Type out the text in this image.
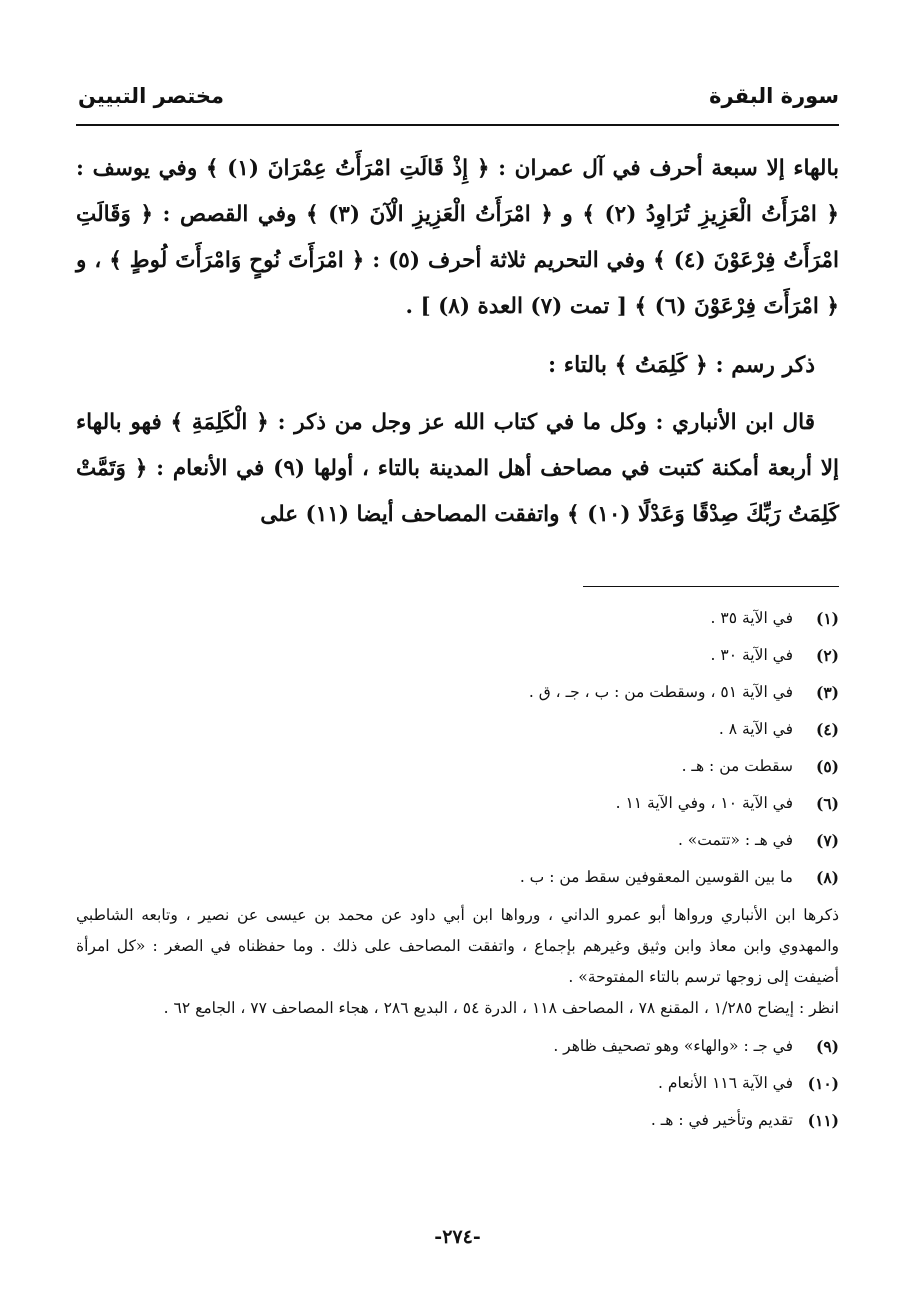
سورة البقرة
مختصر التبيين

بالهاء إلا سبعة أحرف في آل عمران : ﴿ إِذْ قَالَتِ امْرَأَتُ عِمْرَانَ (١) ﴾ وفي يوسف : ﴿ امْرَأَتُ الْعَزِيزِ تُرَاوِدُ (٢) ﴾ و ﴿ امْرَأَتُ الْعَزِيزِ الْآنَ (٣) ﴾ وفي القصص : ﴿ وَقَالَتِ امْرَأَتُ فِرْعَوْنَ (٤) ﴾ وفي التحريم ثلاثة أحرف (٥) : ﴿ امْرَأَتَ نُوحٍ وَامْرَأَتَ لُوطٍ ﴾ ، و ﴿ امْرَأَتَ فِرْعَوْنَ (٦) ﴾ [ تمت (٧) العدة (٨) ] .

ذكر رسم : ﴿ كَلِمَتُ ﴾ بالتاء :

قال ابن الأنباري : وكل ما في كتاب الله عز وجل من ذكر : ﴿ الْكَلِمَةِ ﴾ فهو بالهاء إلا أربعة أمكنة كتبت في مصاحف أهل المدينة بالتاء ، أولها (٩) في الأنعام : ﴿ وَتَمَّتْ كَلِمَتُ رَبِّكَ صِدْقًا وَعَدْلًا (١٠) ﴾ واتفقت المصاحف أيضا (١١) على

(١)
في الآية ٣٥ .
(٢)
في الآية ٣٠ .
(٣)
في الآية ٥١ ، وسقطت من : ب ، جـ ، ق .
(٤)
في الآية ٨ .
(٥)
سقطت من : هـ .
(٦)
في الآية ١٠ ، وفي الآية ١١ .
(٧)
في هـ : «تتمت» .
(٨)
ما بين القوسين المعقوفين سقط من : ب .

ذكرها ابن الأنباري ورواها أبو عمرو الداني ، ورواها ابن أبي داود عن محمد بن عيسى عن نصير ، وتابعه الشاطبي والمهدوي وابن معاذ وابن وثيق وغيرهم بإجماع ، واتفقت المصاحف على ذلك . وما حفظناه في الصغر : «كل امرأة أضيفت إلى زوجها ترسم بالتاء المفتوحة» .

انظر : إيضاح ١/٢٨٥ ، المقنع ٧٨ ، المصاحف ١١٨ ، الدرة ٥٤ ، البديع ٢٨٦ ، هجاء المصاحف ٧٧ ، الجامع ٦٢ .

(٩)
في جـ : «والهاء» وهو تصحيف ظاهر .
(١٠)
في الآية ١١٦ الأنعام .
(١١)
تقديم وتأخير في : هـ .
-٢٧٤-
